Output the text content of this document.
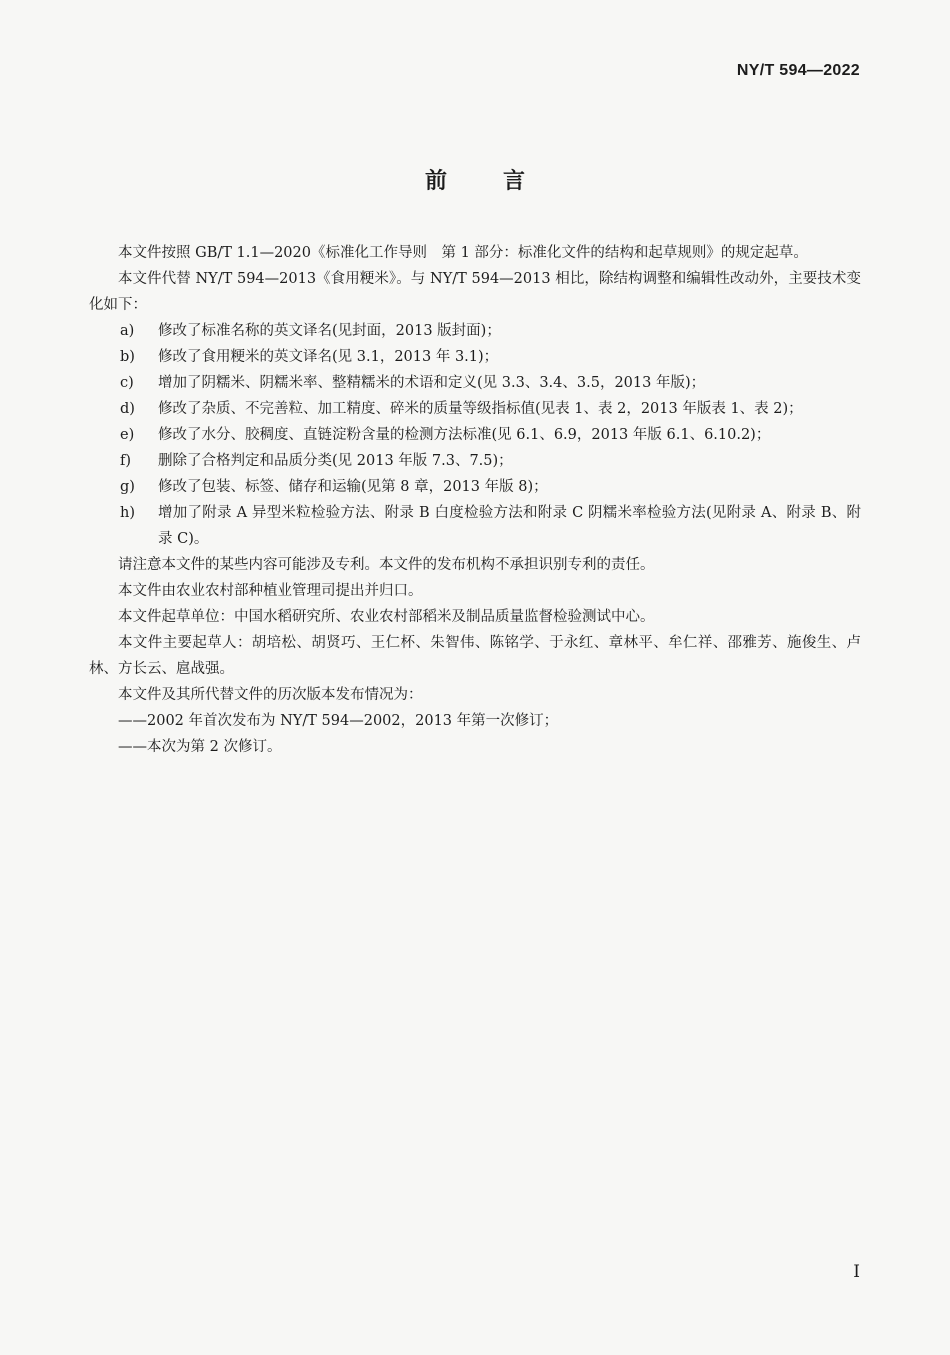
NY/T 594—2022
前言

本文件按照 GB/T 1.1—2020《标准化工作导则　第 1 部分：标准化文件的结构和起草规则》的规定起草。

本文件代替 NY/T 594—2013《食用粳米》。与 NY/T 594—2013 相比，除结构调整和编辑性改动外，主要技术变化如下：

a) 修改了标准名称的英文译名(见封面，2013 版封面)；

b) 修改了食用粳米的英文译名(见 3.1，2013 年 3.1)；

c) 增加了阴糯米、阴糯米率、整精糯米的术语和定义(见 3.3、3.4、3.5，2013 年版)；

d) 修改了杂质、不完善粒、加工精度、碎米的质量等级指标值(见表 1、表 2，2013 年版表 1、表 2)；

e) 修改了水分、胶稠度、直链淀粉含量的检测方法标准(见 6.1、6.9，2013 年版 6.1、6.10.2)；

f) 删除了合格判定和品质分类(见 2013 年版 7.3、7.5)；

g) 修改了包装、标签、储存和运输(见第 8 章，2013 年版 8)；

h) 增加了附录 A 异型米粒检验方法、附录 B 白度检验方法和附录 C 阴糯米率检验方法(见附录 A、附录 B、附录 C)。

请注意本文件的某些内容可能涉及专利。本文件的发布机构不承担识别专利的责任。

本文件由农业农村部种植业管理司提出并归口。

本文件起草单位：中国水稻研究所、农业农村部稻米及制品质量监督检验测试中心。

本文件主要起草人：胡培松、胡贤巧、王仁杯、朱智伟、陈铭学、于永红、章林平、牟仁祥、邵雅芳、施俊生、卢林、方长云、扈战强。

本文件及其所代替文件的历次版本发布情况为：

——2002 年首次发布为 NY/T 594—2002，2013 年第一次修订；

——本次为第 2 次修订。

I
